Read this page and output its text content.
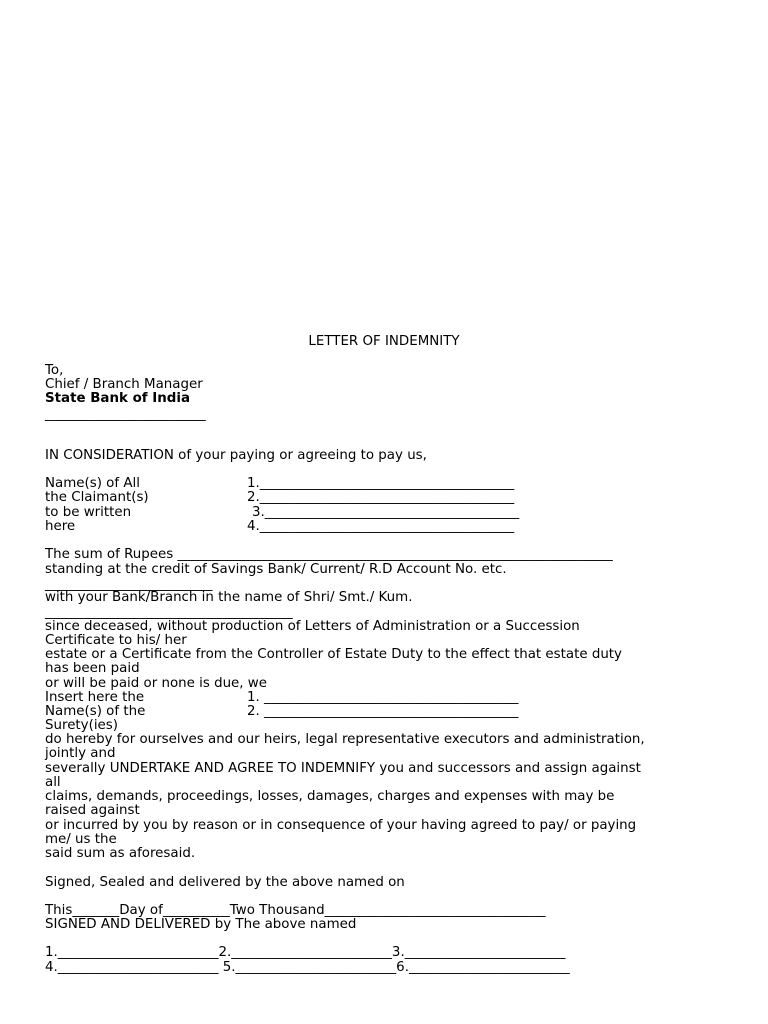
LETTER OF INDEMNITY
To,
Chief / Branch Manager
State Bank of India
________________________
IN CONSIDERATION of your paying or agreeing to pay us,
Name(s) of All
the Claimant(s)
to be written
here
1.______________________________________
2.______________________________________
3.______________________________________
4.______________________________________
The sum of Rupees _________________________________________________________________
standing at the credit of Savings Bank/ Current/ R.D Account No. etc.
_________________________
with your Bank/Branch in the name of Shri/ Smt./ Kum.
_____________________________________
since deceased, without production of Letters of Administration or a Succession
Certificate to his/ her
estate or a Certificate from the Controller of Estate Duty to the effect that estate duty
has been paid
or will be paid or none is due, we
Insert here the
Name(s) of the
Surety(ies)
1. ______________________________________
2. ______________________________________
do hereby for ourselves and our heirs, legal representative executors and administration,
jointly and
severally UNDERTAKE AND AGREE TO INDEMNIFY you and successors and assign against
all
claims, demands, proceedings, losses, damages, charges and expenses with may be
raised against
or incurred by you by reason or in consequence of your having agreed to pay/ or paying
me/ us the
said sum as aforesaid.
Signed, Sealed and delivered by the above named on
This_______Day of__________Two Thousand_________________________________
SIGNED AND DELIVERED by The above named
1.________________________2.________________________3.________________________
4.________________________ 5.________________________6.________________________
